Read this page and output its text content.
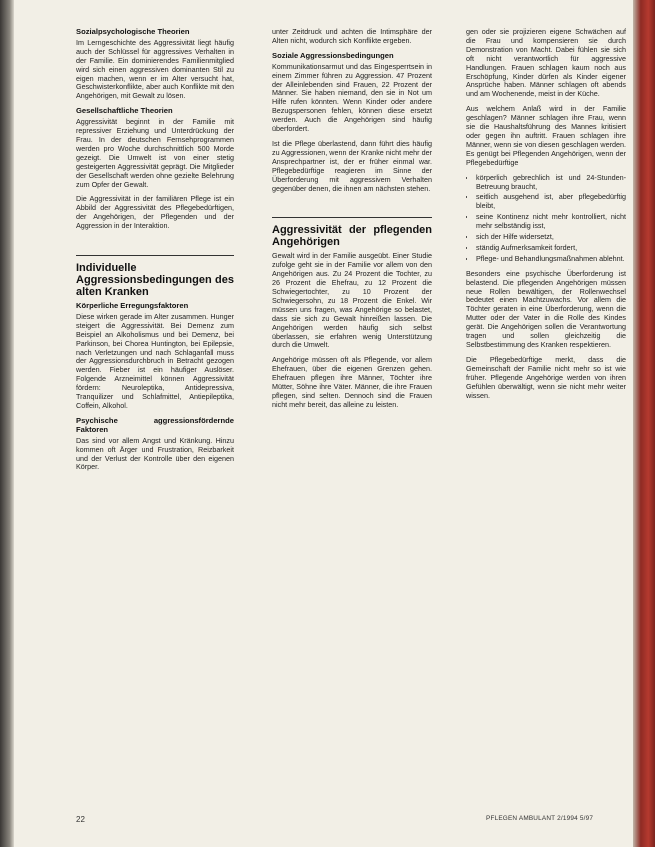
Sozialpsychologische Theorien

Im Lerngeschichte des Aggressivität liegt häufig auch der Schlüssel für aggressives Verhalten in der Familie. Ein dominierendes Familienmitglied wird sich einen aggressiven dominanten Stil zu eigen machen, wenn er im Alter versucht hat, Geschwisterkonflikte, aber auch Konflikte mit den Angehörigen, mit Gewalt zu lösen.

Gesellschaftliche Theorien

Aggressivität beginnt in der Familie mit repressiver Erziehung und Unterdrückung der Frau. In der deutschen Fernsehprogrammen werden pro Woche durchschnittlich 500 Morde gezeigt. Die Umwelt ist von einer stetig gesteigerten Aggressivität geprägt. Die Mitglieder der Gesellschaft werden ohne gezielte Belehrung zum Opfer der Gewalt.

Die Aggressivität in der familiären Pflege ist ein Abbild der Aggressivität des Pflegebedürftigen, der Angehörigen, der Pflegenden und der Aggression in der Interaktion.

Individuelle Aggressionsbedingungen des alten Kranken
Körperliche Erregungsfaktoren

Diese wirken gerade im Alter zusammen. Hunger steigert die Aggressivität. Bei Demenz zum Beispiel an Alkoholismus und bei Demenz, bei Parkinson, bei Chorea Huntington, bei Epilepsie, nach Verletzungen und nach Schlaganfall muss der Aggressionsdurchbruch in Betracht gezogen werden. Fieber ist ein häufiger Auslöser. Folgende Arzneimittel können Aggressivität fördern: Neuroleptika, Antidepressiva, Tranquilizer und Schlafmittel, Antiepileptika, Coffein, Alkohol.

Psychische aggressionsfördernde Faktoren

Das sind vor allem Angst und Kränkung. Hinzu kommen oft Ärger und Frustration, Reizbarkeit und der Verlust der Kontrolle über den eigenen Körper.

unter Zeitdruck und achten die Intimsphäre der Alten nicht, wodurch sich Konflikte ergeben.

Soziale Aggressionsbedingungen

Kommunikationsarmut und das Eingesperrtsein in einem Zimmer führen zu Aggression. 47 Prozent der Alleinlebenden sind Frauen, 22 Prozent der Männer. Sie haben niemand, den sie in Not um Hilfe rufen könnten. Wenn Kinder oder andere Bezugspersonen fehlen, können diese ersetzt werden. Auch die Angehörigen sind häufig überfordert.

Ist die Pflege überlastend, dann führt dies häufig zu Aggressionen, wenn der Kranke nicht mehr der Ansprechpartner ist, der er früher einmal war. Pflegebedürftige reagieren im Sinne der Überforderung mit aggressivem Verhalten gegenüber denen, die ihnen am nächsten stehen.

Aggressivität der pflegenden Angehörigen

Gewalt wird in der Familie ausgeübt. Einer Studie zufolge geht sie in der Familie vor allem von den Angehörigen aus. Zu 24 Prozent die Tochter, zu 26 Prozent die Ehefrau, zu 12 Prozent die Schwiegertochter, zu 10 Prozent der Schwiegersohn, zu 18 Prozent die Enkel. Wir müssen uns fragen, was Angehörige so belastet, dass sie sich zu Gewalt hinreißen lassen. Die Angehörigen werden häufig sich selbst überlassen, sie erfahren wenig Unterstützung durch die Umwelt.

Angehörige müssen oft als Pflegende, vor allem Ehefrauen, über die eigenen Grenzen gehen. Ehefrauen pflegen ihre Männer, Töchter ihre Mütter, Söhne ihre Väter. Männer, die ihre Frauen pflegen, sind selten. Dennoch sind die Frauen nicht mehr bereit, das alleine zu leisten.

gen oder sie projizieren eigene Schwächen auf die Frau und kompensieren sie durch Demonstration von Macht. Dabei fühlen sie sich oft nicht verantwortlich für aggressive Handlungen. Frauen schlagen kaum noch aus Erschöpfung, Kinder dürfen als Kinder eigener Ansprüche haben. Männer schlagen oft abends und am Wochenende, meist in der Küche.

Aus welchem Anlaß wird in der Familie geschlagen? Männer schlagen ihre Frau, wenn sie die Haushaltsführung des Mannes kritisiert oder gegen ihn auftritt. Frauen schlagen ihre Männer, wenn sie von diesen geschlagen werden. Es genügt bei Pflegenden Angehörigen, wenn der Pflegebedürftige

• körperlich gebrechlich ist und 24-Stunden-Betreuung braucht,
• seitlich ausgehend ist, aber pflegebedürftig bleibt,
• seine Kontinenz nicht mehr kontrolliert, nicht mehr selbständig isst,
• sich der Hilfe widersetzt,
• ständig Aufmerksamkeit fordert,
• Pflege- und Behandlungsmaßnahmen ablehnt.

Besonders eine psychische Überforderung ist belastend. Die pflegenden Angehörigen müssen neue Rollen bewältigen, der Rollenwechsel bedeutet einen Machtzuwachs. Vor allem die Töchter geraten in eine Überforderung, wenn die Mutter oder der Vater in die Rolle des Kindes gerät. Die Angehörigen sollen die Verantwortung tragen und sollen gleichzeitig die Selbstbestimmung des Kranken respektieren.

Die Pflegebedürftige merkt, dass die Gemeinschaft der Familie nicht mehr so ist wie früher. Pflegende Angehörige werden von ihren Gefühlen überwältigt, wenn sie nicht mehr weiter wissen.

22	PFLEGEN AMBULANT 2/1994 5/97
